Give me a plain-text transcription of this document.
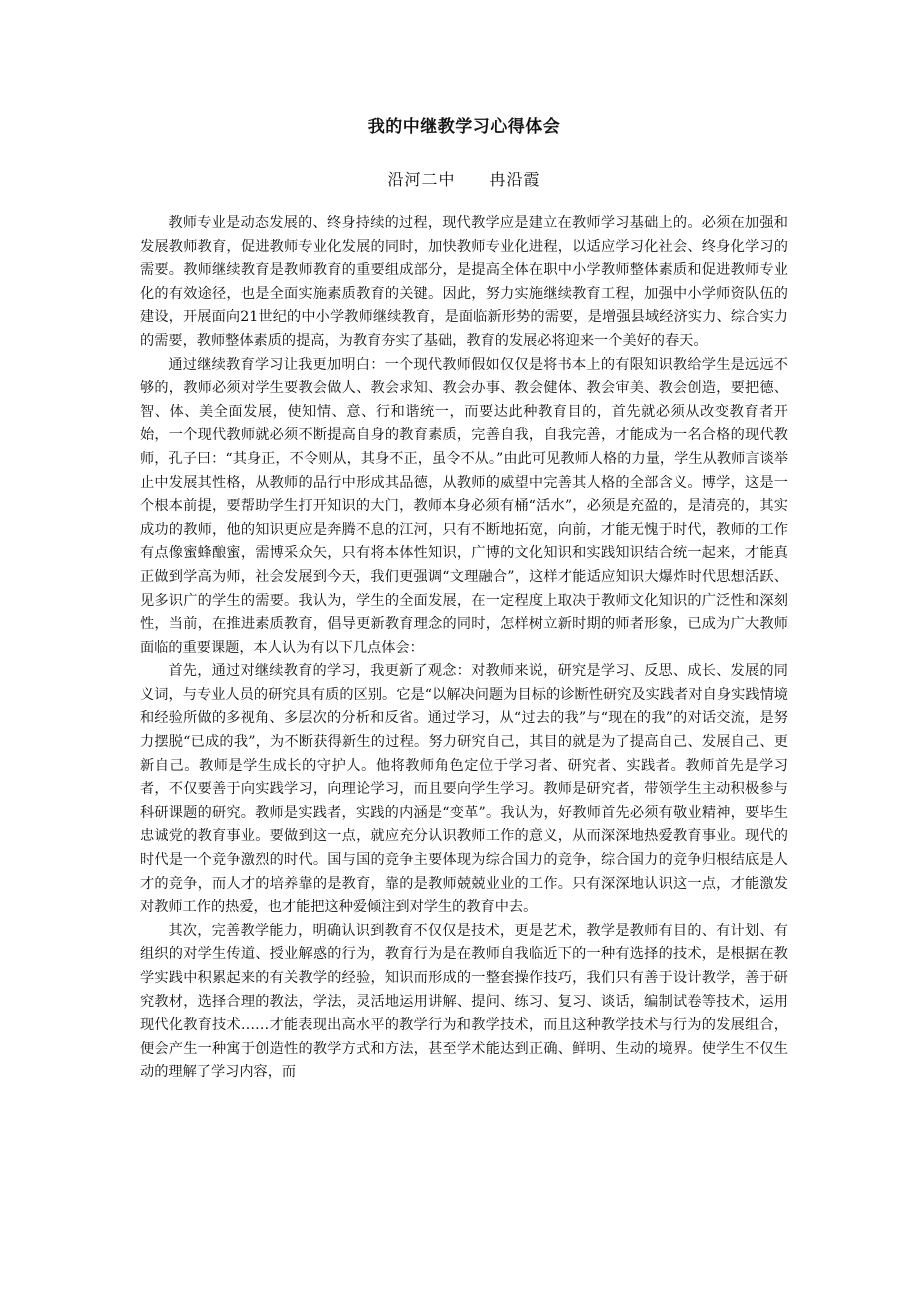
我的中继教学习心得体会
沿河二中 冉沿霞

教师专业是动态发展的、终身持续的过程，现代教学应是建立在教师学习基础上的。必须在加强和发展教师教育，促进教师专业化发展的同时，加快教师专业化进程，以适应学习化社会、终身化学习的需要。教师继续教育是教师教育的重要组成部分，是提高全体在职中小学教师整体素质和促进教师专业化的有效途径，也是全面实施素质教育的关键。因此，努力实施继续教育工程，加强中小学师资队伍的建设，开展面向21世纪的中小学教师继续教育，是面临新形势的需要，是增强县域经济实力、综合实力的需要，教师整体素质的提高，为教育夯实了基础，教育的发展必将迎来一个美好的春天。

通过继续教育学习让我更加明白：一个现代教师假如仅仅是将书本上的有限知识教给学生是远远不够的，教师必须对学生要教会做人、教会求知、教会办事、教会健体、教会审美、教会创造，要把德、智、体、美全面发展，使知情、意、行和谐统一，而要达此种教育目的，首先就必须从改变教育者开始，一个现代教师就必须不断提高自身的教育素质，完善自我，自我完善，才能成为一名合格的现代教师，孔子曰：“其身正，不令则从，其身不正，虽令不从。”由此可见教师人格的力量，学生从教师言谈举止中发展其性格，从教师的品行中形成其品德，从教师的威望中完善其人格的全部含义。博学，这是一个根本前提，要帮助学生打开知识的大门，教师本身必须有桶“活水”，必须是充盈的，是清亮的，其实成功的教师，他的知识更应是奔腾不息的江河，只有不断地拓宽，向前，才能无愧于时代，教师的工作有点像蜜蜂酿蜜，需博采众矢，只有将本体性知识，广博的文化知识和实践知识结合统一起来，才能真正做到学高为师，社会发展到今天，我们更强调“文理融合”，这样才能适应知识大爆炸时代思想活跃、见多识广的学生的需要。我认为，学生的全面发展，在一定程度上取决于教师文化知识的广泛性和深刻性，当前，在推进素质教育，倡导更新教育理念的同时，怎样树立新时期的师者形象，已成为广大教师面临的重要课题，本人认为有以下几点体会：

首先，通过对继续教育的学习，我更新了观念：对教师来说，研究是学习、反思、成长、发展的同义词，与专业人员的研究具有质的区别。它是“以解决问题为目标的诊断性研究及实践者对自身实践情境和经验所做的多视角、多层次的分析和反省。通过学习，从“过去的我”与“现在的我”的对话交流，是努力摆脱“已成的我”，为不断获得新生的过程。努力研究自己，其目的就是为了提高自己、发展自己、更新自己。教师是学生成长的守护人。他将教师角色定位于学习者、研究者、实践者。教师首先是学习者，不仅要善于向实践学习，向理论学习，而且要向学生学习。教师是研究者，带领学生主动积极参与科研课题的研究。教师是实践者，实践的内涵是“变革”。我认为，好教师首先必须有敬业精神，要毕生忠诚党的教育事业。要做到这一点，就应充分认识教师工作的意义，从而深深地热爱教育事业。现代的时代是一个竞争激烈的时代。国与国的竞争主要体现为综合国力的竞争，综合国力的竞争归根结底是人才的竞争，而人才的培养靠的是教育，靠的是教师兢兢业业的工作。只有深深地认识这一点，才能激发对教师工作的热爱，也才能把这种爱倾注到对学生的教育中去。

其次，完善教学能力，明确认识到教育不仅仅是技术，更是艺术，教学是教师有目的、有计划、有组织的对学生传道、授业解惑的行为，教育行为是在教师自我临近下的一种有选择的技术，是根据在教学实践中积累起来的有关教学的经验，知识而形成的一整套操作技巧，我们只有善于设计教学，善于研究教材，选择合理的教法，学法，灵活地运用讲解、提问、练习、复习、谈话，编制试卷等技术，运用现代化教育技术……才能表现出高水平的教学行为和教学技术，而且这种教学技术与行为的发展组合，便会产生一种寓于创造性的教学方式和方法，甚至学术能达到正确、鲜明、生动的境界。使学生不仅生动的理解了学习内容，而
